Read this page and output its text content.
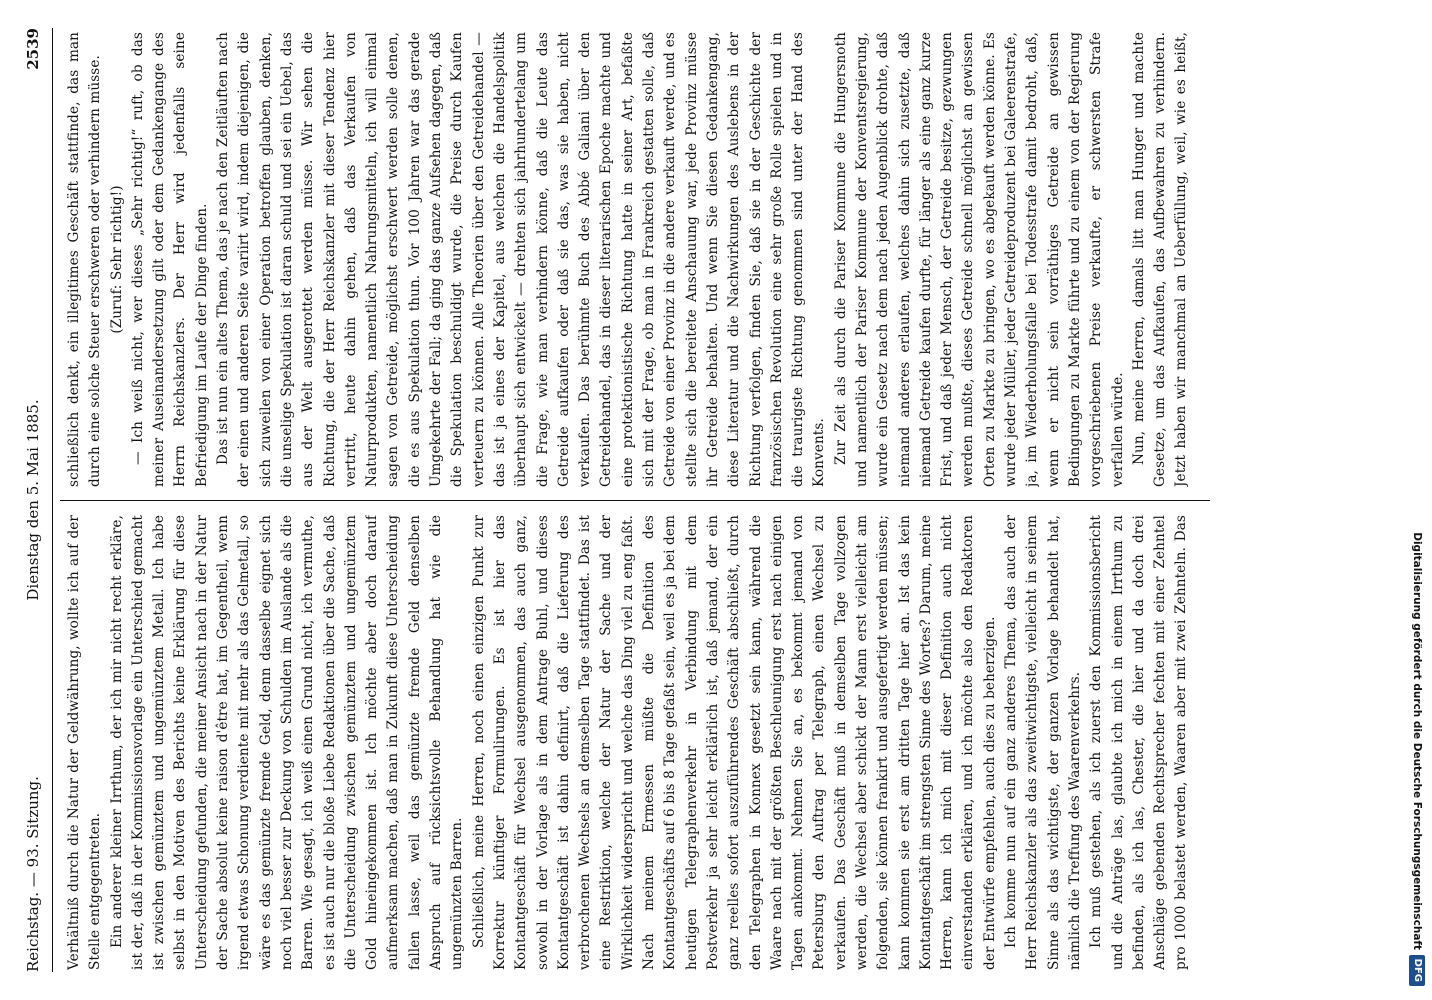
Reichstag. — 93. Sitzung.
Dienstag den 5. Mai 1885.
2539

Verhältniß durch die Natur der Geldwährung, wollte ich auf der Stelle entgegentreten. Ein anderer kleiner Irrthum, der ich mir nicht recht erkläre, ist der, daß in der Kommissionsvorlage ein Unterschied gemacht ist zwischen gemünztem und ungemünztem Metall. Ich habe selbst in den Motiven des Berichts keine Erklärung für diese Unterscheidung gefunden, die meiner Ansicht nach in der Natur der Sache absolut keine raison d'être hat, im Gegentheil, wenn irgend etwas Schonung verdiente mit mehr als das Gelmetall, so wäre es das gemünzte fremde Geld, denn dasselbe eignet sich noch viel besser zur Deckung von Schulden im Auslande als die Barren. Wie gesagt, ich weiß einen Grund nicht, ich vermuthe, es ist auch nur die bloße Liebe Redaktionen über die Sache, daß die Unterscheidung zwischen gemünztem und ungemünztem Gold hineingekommen ist. Ich möchte aber doch darauf aufmerksam machen, daß man in Zukunft diese Unterscheidung fallen lasse, weil das gemünzte fremde Geld denselben Anspruch auf rücksichtsvolle Behandlung hat wie die ungemünzten Barren. Schließlich, meine Herren, noch einen einzigen Punkt zur Korrektur künftiger Formulirungen. Es ist hier das Kontantgeschäft für Wechsel ausgenommen, das auch ganz, sowohl in der Vorlage als in dem Antrage Buhl, und dieses Kontantgeschäft ist dahin definirt, daß die Lieferung des verbrochenen Wechsels an demselben Tage stattfindet. Das ist eine Restriktion, welche der Natur der Sache und der Wirklichkeit widerspricht und welche das Ding viel zu eng faßt. Nach meinem Ermessen müßte die Definition des Kontantgeschäfts auf 6 bis 8 Tage gefaßt sein, weil es ja bei dem heutigen Telegraphenverkehr in Verbindung mit dem Postverkehr ja sehr leicht erklärlich ist, daß jemand, der ein ganz reelles sofort auszuführendes Geschäft abschließt, durch den Telegraphen in Konnex gesetzt sein kann, während die Waare nach mit der größten Beschleunigung erst nach einigen Tagen ankommt. Nehmen Sie an, es bekommt jemand von Petersburg den Auftrag per Telegraph, einen Wechsel zu verkaufen. Das Geschäft muß in demselben Tage vollzogen werden, die Wechsel aber schickt der Mann erst vielleicht am folgenden, sie können frankirt und ausgefertigt werden müssen; kann kommen sie erst am dritten Tage hier an. Ist das kein Kontantgeschäft im strengsten Sinne des Wortes? Darum, meine Herren, kann ich mich mit dieser Definition auch nicht einverstanden erklären, und ich möchte also den Redaktoren der Entwürfe empfehlen, auch dies zu beherzigen. Ich komme nun auf ein ganz anderes Thema, das auch der Herr Reichskanzler als das zweitwichtigste, vielleicht in seinem Sinne als das wichtigste, der ganzen Vorlage behandelt hat, nämlich die Treffung des Waarenverkehrs. Ich muß gestehen, als ich zuerst den Kommissionsbericht und die Anträge las, glaubte ich mich in einem Irrthum zu befinden, als ich las, Chester, die hier und da doch drei Anschläge gebenden Rechtsprecher fechten mit einer Zehntel pro 1000 belastet werden, Waaren aber mit zwei Zehnteln. Das

schließlich denkt, ein illegitimes Geschäft stattfinde, das man durch eine solche Steuer erschweren oder verhindern müsse. (Zuruf: Sehr richtig!) — Ich weiß nicht, wer dieses „Sehr richtig!“ ruft, ob das meiner Auseinandersetzung gilt oder dem Gedankengange des Herrn Reichskanzlers. Der Herr wird jedenfalls seine Befriedigung im Laufe der Dinge finden. Das ist nun ein altes Thema, das je nach den Zeitläuften nach der einen und anderen Seite variirt wird, indem diejenigen, die sich zuweilen von einer Operation betroffen glauben, denken, die unselige Spekulation ist daran schuld und sei ein Uebel, das aus der Welt ausgerottet werden müsse. Wir sehen die Richtung, die der Herr Reichskanzler mit dieser Tendenz hier vertritt, heute dahin gehen, daß das Verkaufen von Naturprodukten, namentlich Nahrungsmitteln, ich will einmal sagen von Getreide, möglichst erschwert werden solle denen, die es aus Spekulation thun. Vor 100 Jahren war das gerade Umgekehrte der Fall; da ging das ganze Aufsehen dagegen, daß die Spekulation beschuldigt wurde, die Preise durch Kaufen verteuern zu können. Alle Theorien über den Getreidehandel — das ist ja eines der Kapitel, aus welchen die Handelspolitik überhaupt sich entwickelt — drehten sich jahrhundertelang um die Frage, wie man verhindern könne, daß die Leute das Getreide aufkaufen oder daß sie das, was sie haben, nicht verkaufen. Das berühmte Buch des Abbé Galiani über den Getreidehandel, das in dieser literarischen Epoche machte und eine protektionistische Richtung hatte in seiner Art, befaßte sich mit der Frage, ob man in Frankreich gestatten solle, daß Getreide von einer Provinz in die andere verkauft werde, und es stellte sich die bereitete Anschauung war, jede Provinz müsse ihr Getreide behalten. Und wenn Sie diesen Gedankengang, diese Literatur und die Nachwirkungen des Auslebens in der Richtung verfolgen, finden Sie, daß sie in der Geschichte der französischen Revolution eine sehr große Rolle spielen und in die traurigste Richtung genommen sind unter der Hand des Konvents. Zur Zeit als durch die Pariser Kommune die Hungersnoth und namentlich der Pariser Kommune der Konventsregierung, wurde ein Gesetz nach dem nach jeden Augenblick drohte, daß niemand anderes erlaufen, welches dahin sich zusetzte, daß niemand Getreide kaufen durfte, für länger als eine ganz kurze Frist, und daß jeder Mensch, der Getreide besitze, gezwungen werden mußte, dieses Getreide schnell möglichst an gewissen Orten zu Markte zu bringen, wo es abgekauft werden könne. Es wurde jeder Müller, jeder Getreideproduzent bei Galeerenstrafe, ja, im Wiederholungsfalle bei Todesstrafe damit bedroht, daß, wenn er nicht sein vorräthiges Getreide an gewissen Bedingungen zu Markte führte und zu einem von der Regierung vorgeschriebenen Preise verkaufte, er schwersten Strafe verfallen würde. Nun, meine Herren, damals litt man Hunger und machte Gesetze, um das Aufkaufen, das Aufbewahren zu verhindern. Jetzt haben wir manchmal an Ueberfüllung, weil, wie es heißt,

Digitalisierung gefördert durch die Deutsche Forschungsgemeinschaft
DFG
